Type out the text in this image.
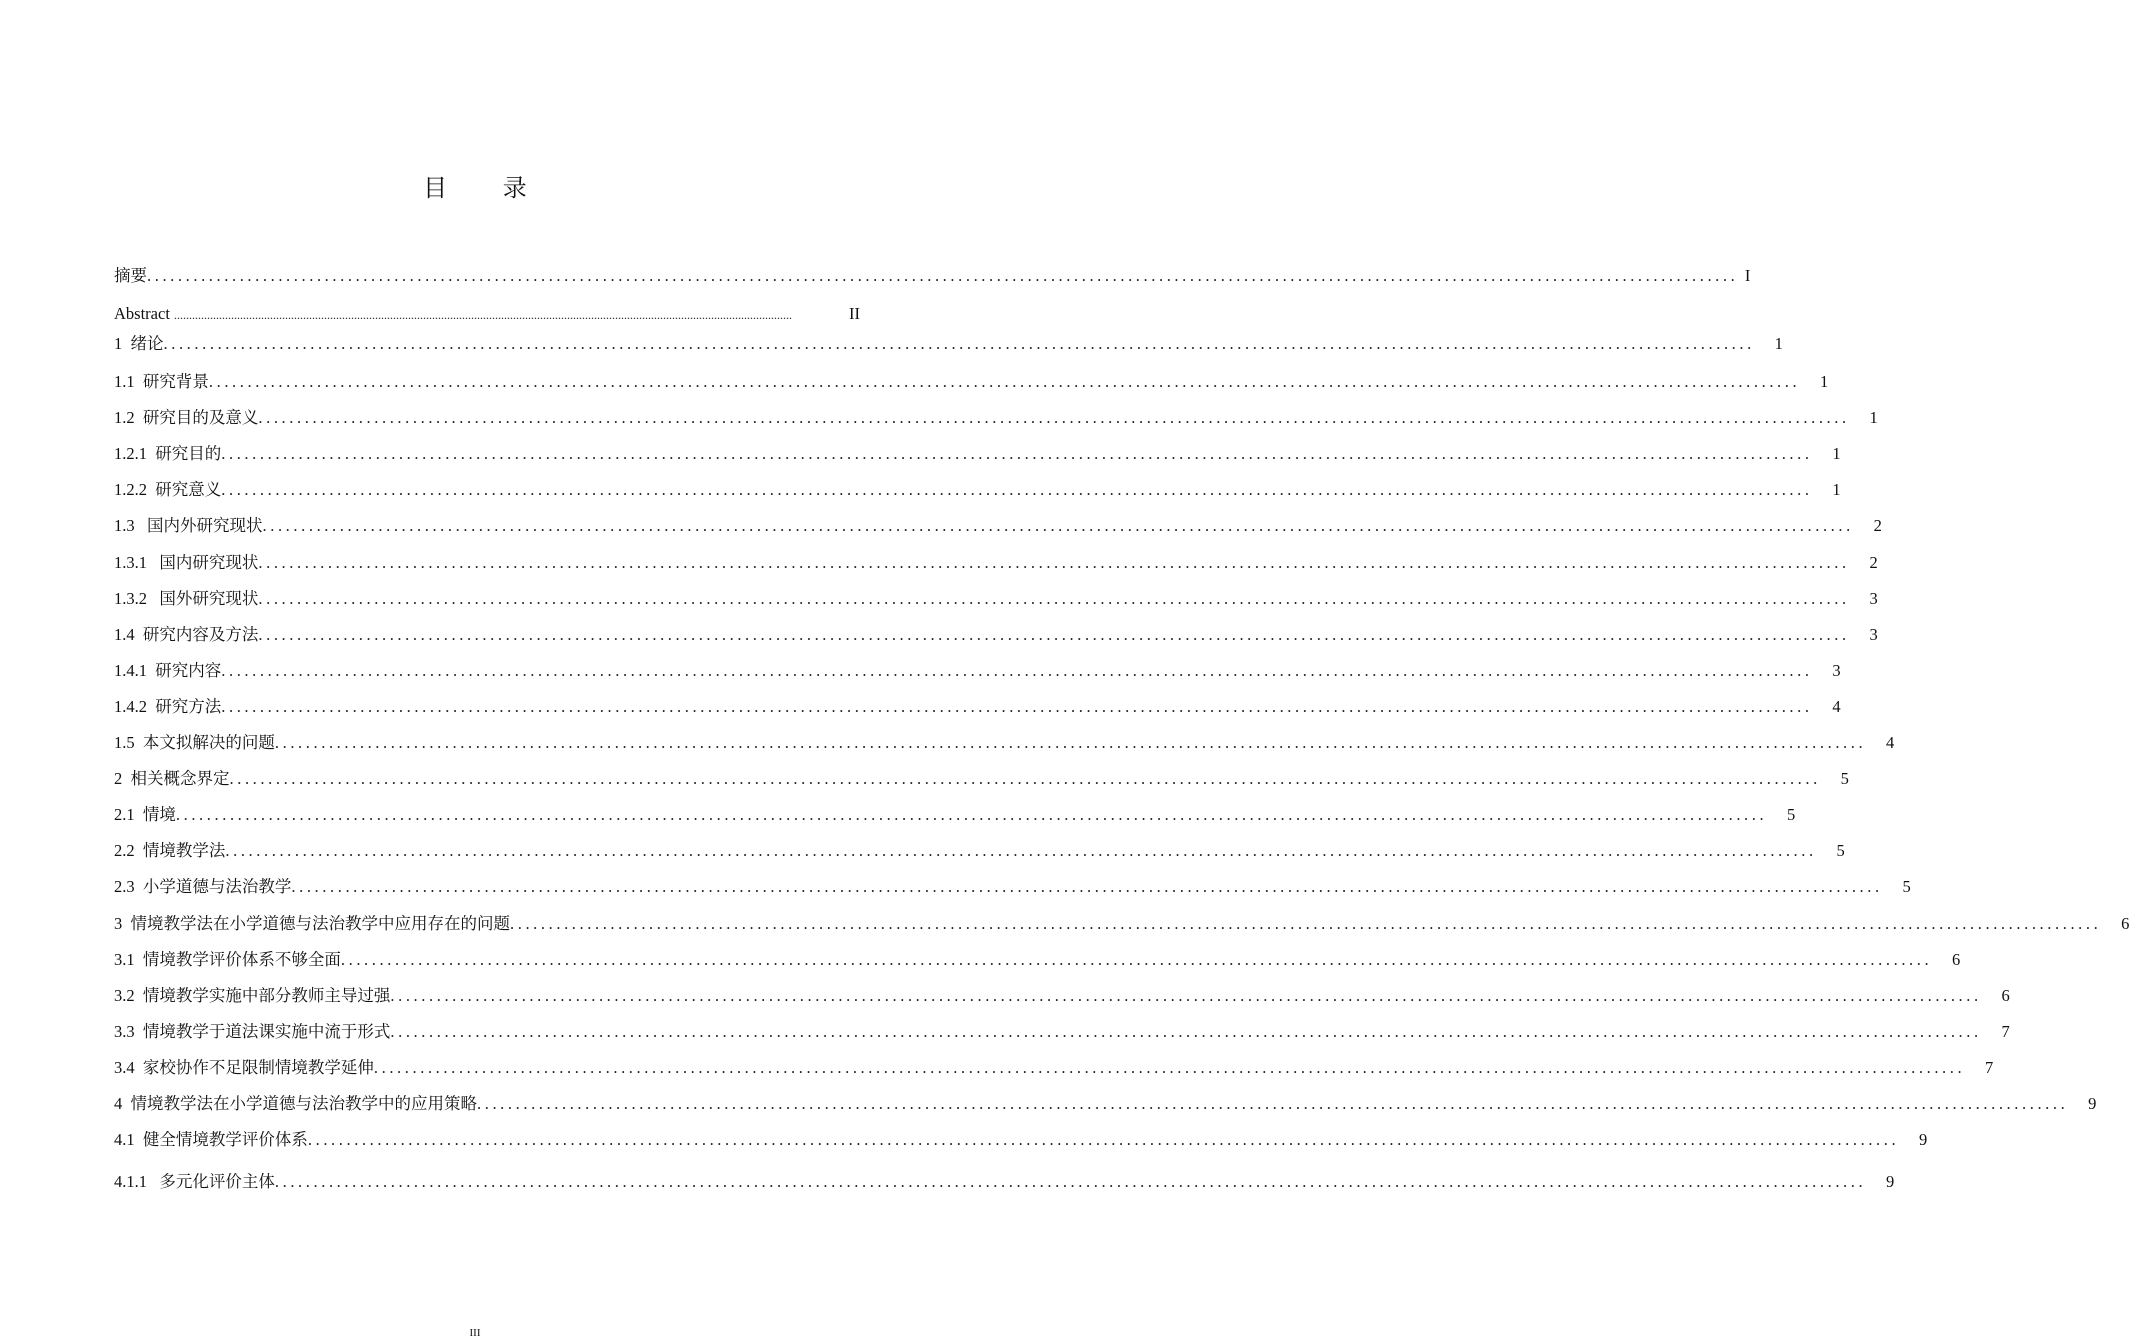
目 录
摘要 .............................................................................................................................................................................................................. I
Abstract ..............................................................................................................................................................................................................	II
1 绪论 ..............................................................................................................................................................................................................	1
1.1 研究背景 ..............................................................................................................................................................................................................	1
1.2 研究目的及意义 ..............................................................................................................................................................................................................	1
1.2.1 研究目的 ..............................................................................................................................................................................................................	1
1.2.2 研究意义 ..............................................................................................................................................................................................................	1
1.3 国内外研究现状 ..............................................................................................................................................................................................................	2
1.3.1 国内研究现状 ..............................................................................................................................................................................................................	2
1.3.2 国外研究现状 ..............................................................................................................................................................................................................	3
1.4 研究内容及方法 ..............................................................................................................................................................................................................	3
1.4.1 研究内容 ..............................................................................................................................................................................................................	3
1.4.2 研究方法 ..............................................................................................................................................................................................................	4
1.5 本文拟解决的问题 ..............................................................................................................................................................................................................	4
2 相关概念界定 ..............................................................................................................................................................................................................	5
2.1 情境 ..............................................................................................................................................................................................................	5
2.2 情境教学法 ..............................................................................................................................................................................................................	5
2.3 小学道德与法治教学 ..............................................................................................................................................................................................................	5
3 情境教学法在小学道德与法治教学中应用存在的问题 ..............................................................................................................................................................................................................	6
3.1 情境教学评价体系不够全面 ..............................................................................................................................................................................................................	6
3.2 情境教学实施中部分教师主导过强 ..............................................................................................................................................................................................................	6
3.3 情境教学于道法课实施中流于形式 ..............................................................................................................................................................................................................	7
3.4 家校协作不足限制情境教学延伸 ..............................................................................................................................................................................................................	7
4 情境教学法在小学道德与法治教学中的应用策略 ..............................................................................................................................................................................................................	9
4.1 健全情境教学评价体系 ..............................................................................................................................................................................................................	9
4.1.1 多元化评价主体 ..............................................................................................................................................................................................................	9
III
